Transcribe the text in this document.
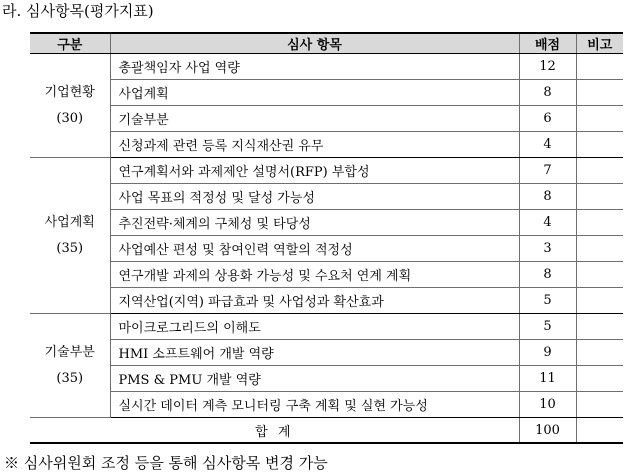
라. 심사항목(평가지표)
구분	심사 항목	배점	비고
기업현황
(30)	총괄책임자 사업 역량	12	
	사업계획	8	
	기술부분	6	
	신청과제 관련 등록 지식재산권 유무	4	
사업계획
(35)	연구계획서와 과제제안 설명서(RFP) 부합성	7	
	사업 목표의 적정성 및 달성 가능성	8	
	추진전략·체계의 구체성 및 타당성	4	
	사업예산 편성 및 참여인력 역할의 적정성	3	
	연구개발 과제의 상용화 가능성 및 수요처 연계 계획	8	
	지역산업(지역) 파급효과 및 사업성과 확산효과	5	
기술부분
(35)	마이크로그리드의 이해도	5	
	HMI 소프트웨어 개발 역량	9	
	PMS & PMU 개발 역량	11	
	실시간 데이터 계측 모니터링 구축 계획 및 실현 가능성	10	
합 계		100	
※ 심사위원회 조정 등을 통해 심사항목 변경 가능
